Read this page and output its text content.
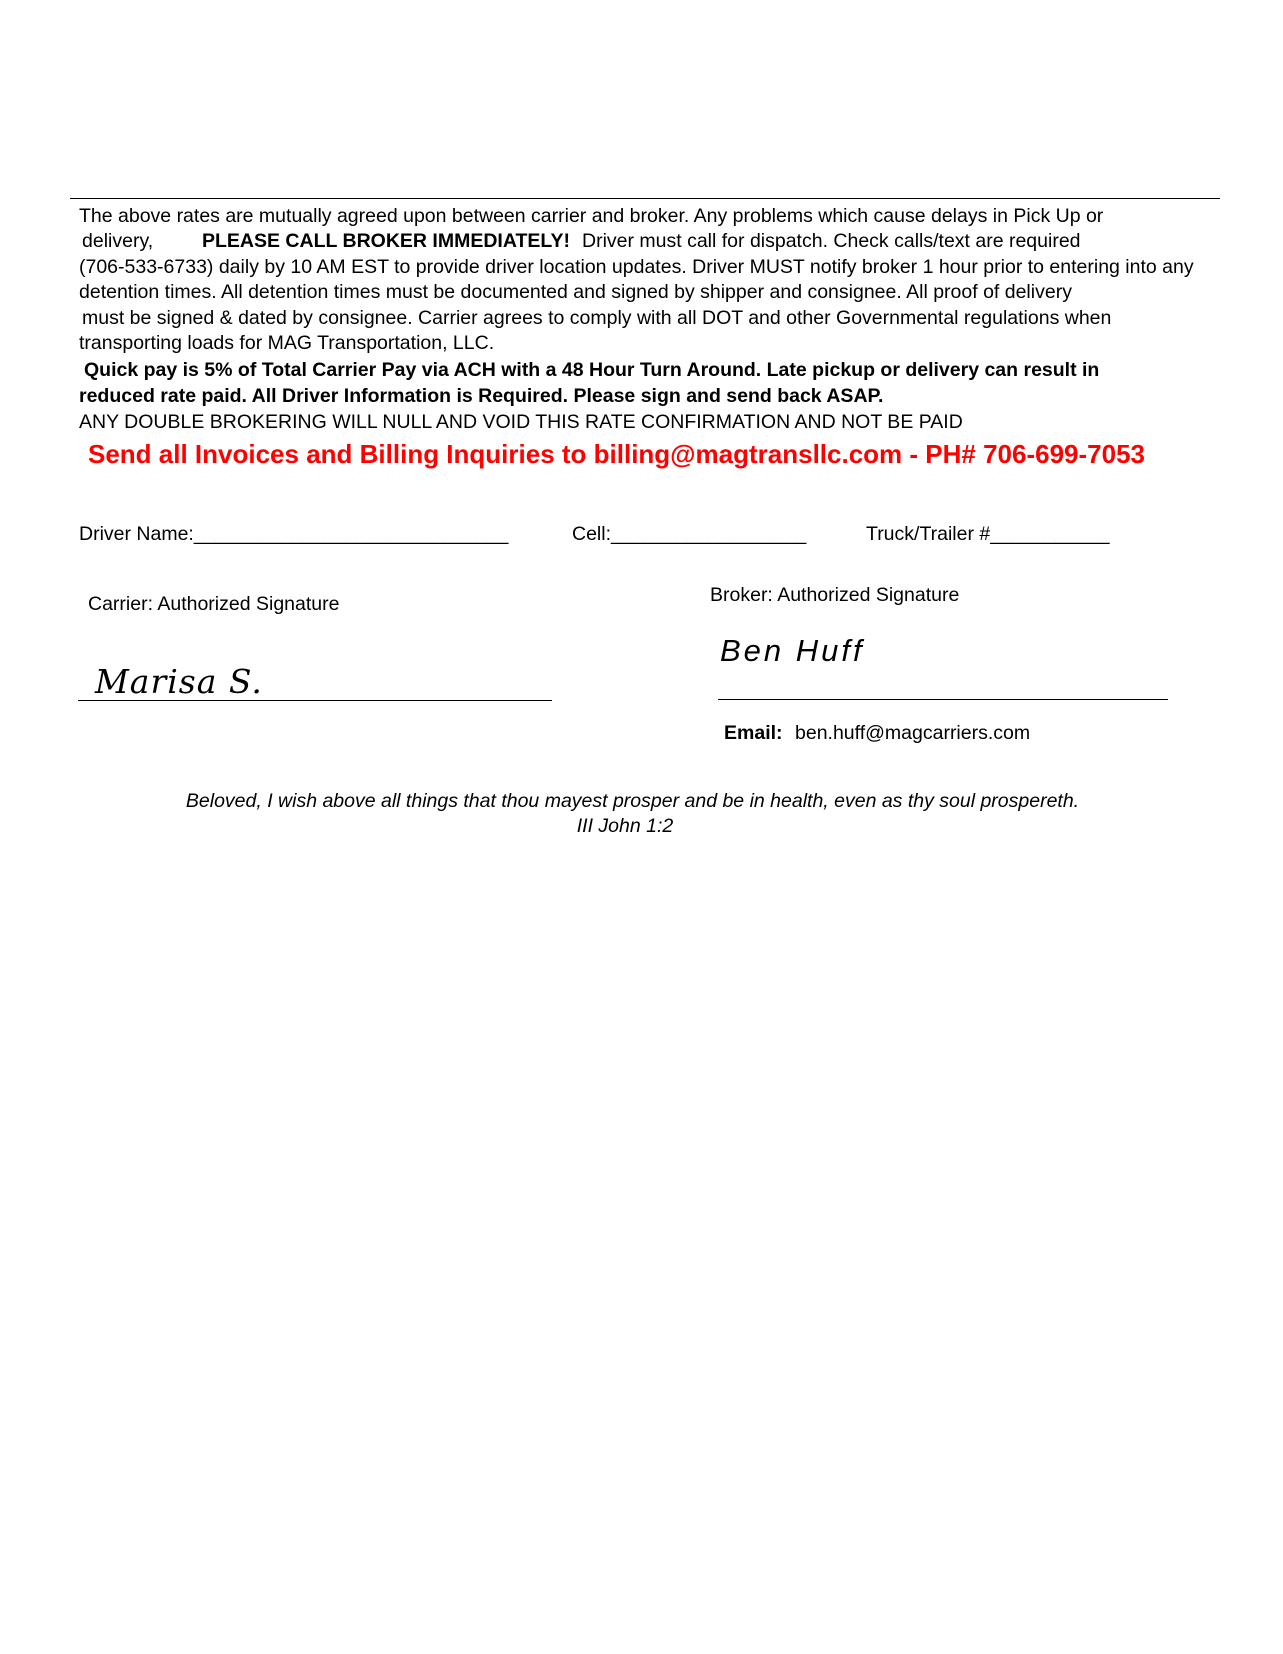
The above rates are mutually agreed upon between carrier and broker. Any problems which cause delays in Pick Up or
delivery,	PLEASE CALL BROKER IMMEDIATELY! Driver must call for dispatch. Check calls/text are required
(706-533-6733) daily by 10 AM EST to provide driver location updates. Driver MUST notify broker 1 hour prior to entering into any
detention times. All detention times must be documented and signed by shipper and consignee. All proof of delivery
must be signed & dated by consignee. Carrier agrees to comply with all DOT and other Governmental regulations when
transporting loads for MAG Transportation, LLC.
Quick pay is 5% of Total Carrier Pay via ACH with a 48 Hour Turn Around. Late pickup or delivery can result in
reduced rate paid. All Driver Information is Required. Please sign and send back ASAP.
ANY DOUBLE BROKERING WILL NULL AND VOID THIS RATE CONFIRMATION AND NOT BE PAID
Send all Invoices and Billing Inquiries to billing@magtransllc.com - PH# 706-699-7053
Driver Name:_____________________________	Cell:__________________	Truck/Trailer #___________
Carrier: Authorized Signature
Marisa S.
Broker: Authorized Signature
Ben Huff
Email: ben.huff@magcarriers.com
Beloved, I wish above all things that thou mayest prosper and be in health, even as thy soul prospereth.
III John 1:2
